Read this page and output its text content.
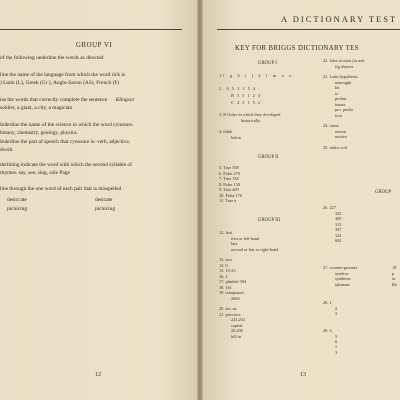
GROUP VI
of the following underline the words as directed
line the name of the language from which the word rick is
) Latin (L), Greek (Gr ), Anglo-Saxon (AS), French (F)
ise the words that correctly complete the sentence Klingsor
soldier, a giant, a city, a magician
Inderline the name of the science in which the word cynosure
botany, chemistry, geology, physics.
Inderline the part of speech that cynosure is: verb, adjective,
dverb.
derlining indicate the word with which the second syllable of
rhymes. say, see, sing, sole Page
line through the one word of each pair that is misspelled
desiccate	desicate
picnicing	picnicing
12
A DICTIONARY TEST
KEY FOR BRIGGS DICTIONARY TES
GROUP I
f g h i j k l m n o
1
2. A 5 2 3 5 4
B 3 5 1 2 4
C 4 3 1 5 2
3. R Order in which they developed
historically
4. thlek
bolon
GROUP II
5. True 358
6. False 270
7. True 158
8. False 158
9. True 409
10. False 176
11. True e
GROUP III
12. first
first or left-hand
last
second or last or right-hand
13. two
14. 9
15. 10-23
16. 1
17. plinthel 394
18. 161
19. compound
2606
20. six, ax
21. province
223,202
capital
20,200
hill in
22. false accusat (or adv
fig shower
23. Latin hypothesis
nonought
lat
to
prelim.
tumor
pro. prefix
foot
24. cause
reason
motive
25. italics soil
GROUP
26. 227
325
309
315
387
124
692
27. counter-gerrmet
ayudow
synthesis
talisman
18
p
tu
Ro
28. 1
2
3
29. 4
5
6
7
3
13
